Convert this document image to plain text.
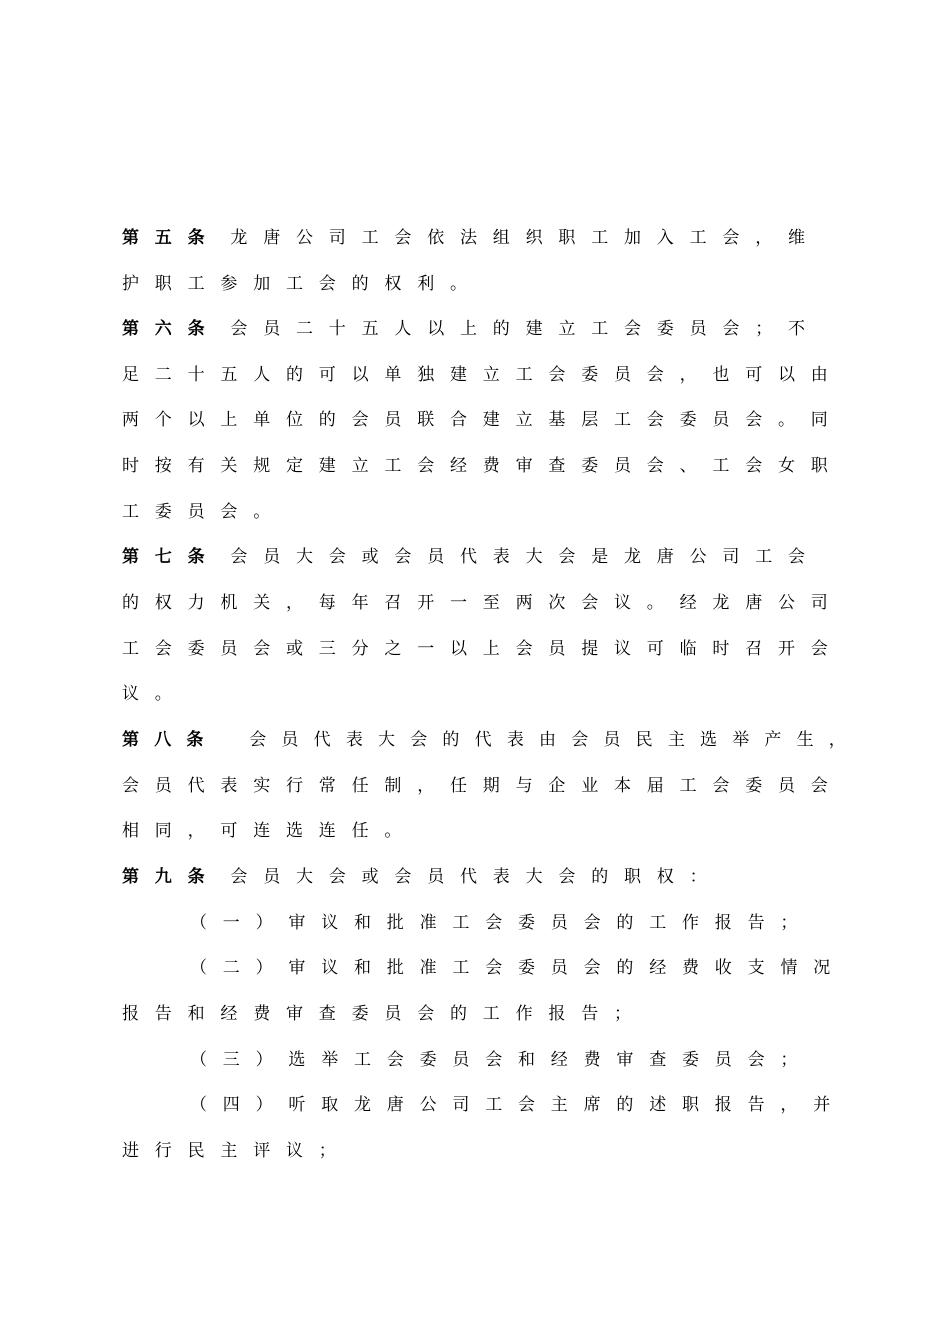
第五条 龙唐公司工会依法组织职工加入工会，维
护职工参加工会的权利。
第六条 会员二十五人以上的建立工会委员会；不
足二十五人的可以单独建立工会委员会，也可以由
两个以上单位的会员联合建立基层工会委员会。同
时按有关规定建立工会经费审查委员会、工会女职
工委员会。
第七条 会员大会或会员代表大会是龙唐公司工会
的权力机关，每年召开一至两次会议。经龙唐公司
工会委员会或三分之一以上会员提议可临时召开会
议。
第八条 会员代表大会的代表由会员民主选举产生，
会员代表实行常任制，任期与企业本届工会委员会
相同，可连选连任。
第九条 会员大会或会员代表大会的职权：
（一）审议和批准工会委员会的工作报告；
（二）审议和批准工会委员会的经费收支情况
报告和经费审查委员会的工作报告；
（三）选举工会委员会和经费审查委员会；
（四）听取龙唐公司工会主席的述职报告，并
进行民主评议；
